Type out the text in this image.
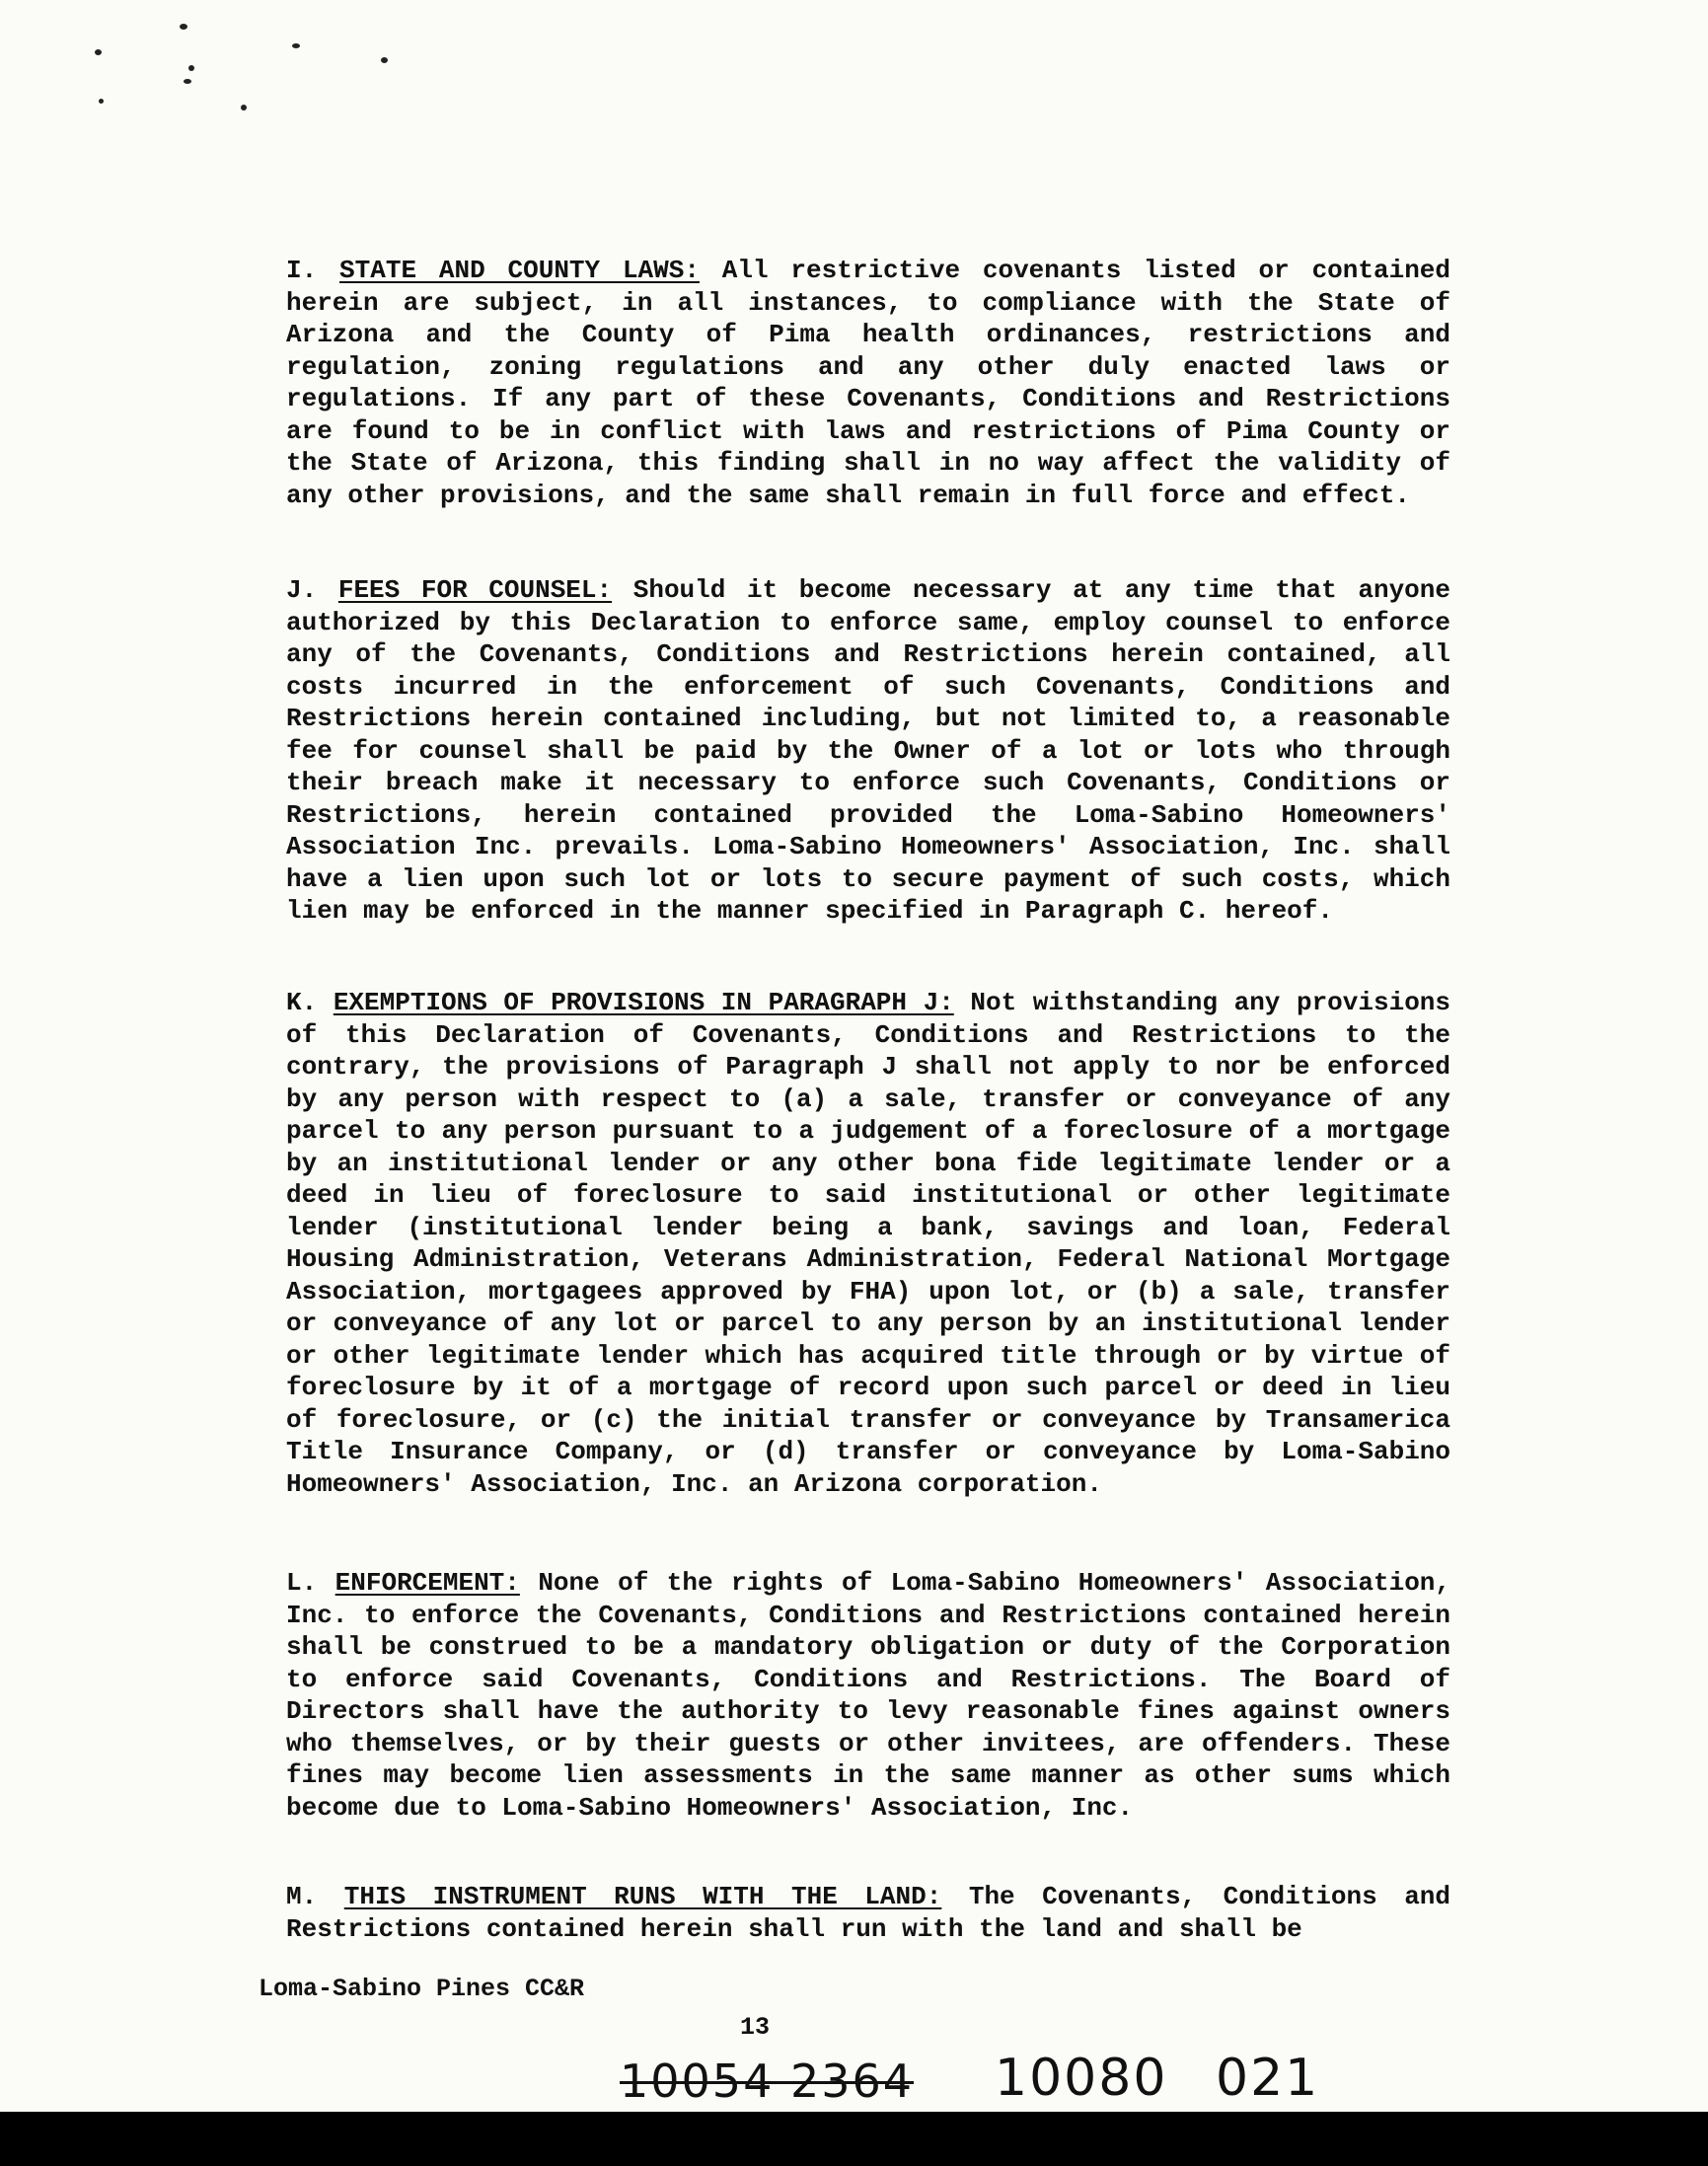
I. STATE AND COUNTY LAWS: All restrictive covenants listed or contained herein are subject, in all instances, to compliance with the State of Arizona and the County of Pima health ordinances, restrictions and regulation, zoning regulations and any other duly enacted laws or regulations. If any part of these Covenants, Conditions and Restrictions are found to be in conflict with laws and restrictions of Pima County or the State of Arizona, this finding shall in no way affect the validity of any other provisions, and the same shall remain in full force and effect.

J. FEES FOR COUNSEL: Should it become necessary at any time that anyone authorized by this Declaration to enforce same, employ counsel to enforce any of the Covenants, Conditions and Restrictions herein contained, all costs incurred in the enforcement of such Covenants, Conditions and Restrictions herein contained including, but not limited to, a reasonable fee for counsel shall be paid by the Owner of a lot or lots who through their breach make it necessary to enforce such Covenants, Conditions or Restrictions, herein contained provided the Loma-Sabino Homeowners' Association Inc. prevails. Loma-Sabino Homeowners' Association, Inc. shall have a lien upon such lot or lots to secure payment of such costs, which lien may be enforced in the manner specified in Paragraph C. hereof.

K. EXEMPTIONS OF PROVISIONS IN PARAGRAPH J: Not withstanding any provisions of this Declaration of Covenants, Conditions and Restrictions to the contrary, the provisions of Paragraph J shall not apply to nor be enforced by any person with respect to (a) a sale, transfer or conveyance of any parcel to any person pursuant to a judgement of a foreclosure of a mortgage by an institutional lender or any other bona fide legitimate lender or a deed in lieu of foreclosure to said institutional or other legitimate lender (institutional lender being a bank, savings and loan, Federal Housing Administration, Veterans Administration, Federal National Mortgage Association, mortgagees approved by FHA) upon lot, or (b) a sale, transfer or conveyance of any lot or parcel to any person by an institutional lender or other legitimate lender which has acquired title through or by virtue of foreclosure by it of a mortgage of record upon such parcel or deed in lieu of foreclosure, or (c) the initial transfer or conveyance by Transamerica Title Insurance Company, or (d) transfer or conveyance by Loma-Sabino Homeowners' Association, Inc. an Arizona corporation.

L. ENFORCEMENT: None of the rights of Loma-Sabino Homeowners' Association, Inc. to enforce the Covenants, Conditions and Restrictions contained herein shall be construed to be a mandatory obligation or duty of the Corporation to enforce said Covenants, Conditions and Restrictions. The Board of Directors shall have the authority to levy reasonable fines against owners who themselves, or by their guests or other invitees, are offenders. These fines may become lien assessments in the same manner as other sums which become due to Loma-Sabino Homeowners' Association, Inc.

M. THIS INSTRUMENT RUNS WITH THE LAND: The Covenants, Conditions and Restrictions contained herein shall run with the land and shall be

Loma-Sabino Pines CC&R
13
10054 2364 10080 021
